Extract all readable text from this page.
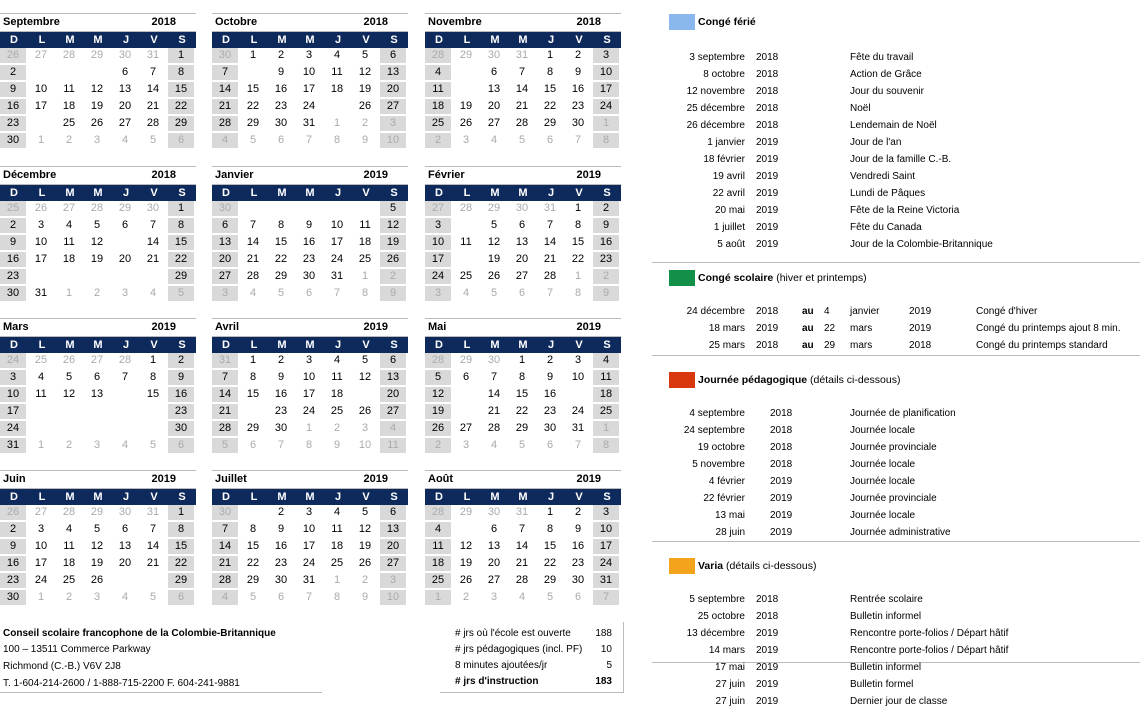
Septembre	2018
D	L	M	M	J	V	S
26	27	28	29	30	31	1
2	3	4	5	6	7	8
9	10	11	12	13	14	15
16	17	18	19	20	21	22
23	24	25	26	27	28	29
30	1	2	3	4	5	6
Octobre	2018
D	L	M	M	J	V	S
30	1	2	3	4	5	6
7	8	9	10	11	12	13
14	15	16	17	18	19	20
21	22	23	24	25	26	27
28	29	30	31	1	2	3
4	5	6	7	8	9	10
Novembre	2018
D	L	M	M	J	V	S
28	29	30	31	1	2	3
4	5	6	7	8	9	10
11	12	13	14	15	16	17
18	19	20	21	22	23	24
25	26	27	28	29	30	1
2	3	4	5	6	7	8
Décembre	2018
D	L	M	M	J	V	S
25	26	27	28	29	30	1
2	3	4	5	6	7	8
9	10	11	12	13	14	15
16	17	18	19	20	21	22
23	24	25	26	27	28	29
30	31	1	2	3	4	5
Janvier	2019
D	L	M	M	J	V	S
30	31	1	2	3	4	5
6	7	8	9	10	11	12
13	14	15	16	17	18	19
20	21	22	23	24	25	26
27	28	29	30	31	1	2
3	4	5	6	7	8	9
Février	2019
D	L	M	M	J	V	S
27	28	29	30	31	1	2
3	4	5	6	7	8	9
10	11	12	13	14	15	16
17	18	19	20	21	22	23
24	25	26	27	28	1	2
3	4	5	6	7	8	9
Mars	2019
D	L	M	M	J	V	S
24	25	26	27	28	1	2
3	4	5	6	7	8	9
10	11	12	13	14	15	16
17	18	19	20	21	22	23
24	25	26	27	28	29	30
31	1	2	3	4	5	6
Avril	2019
D	L	M	M	J	V	S
31	1	2	3	4	5	6
7	8	9	10	11	12	13
14	15	16	17	18	19	20
21	22	23	24	25	26	27
28	29	30	1	2	3	4
5	6	7	8	9	10	11
Mai	2019
D	L	M	M	J	V	S
28	29	30	1	2	3	4
5	6	7	8	9	10	11
12	13	14	15	16	17	18
19	20	21	22	23	24	25
26	27	28	29	30	31	1
2	3	4	5	6	7	8
Juin	2019
D	L	M	M	J	V	S
26	27	28	29	30	31	1
2	3	4	5	6	7	8
9	10	11	12	13	14	15
16	17	18	19	20	21	22
23	24	25	26	27	28	29
30	1	2	3	4	5	6
Juillet	2019
D	L	M	M	J	V	S
30	1	2	3	4	5	6
7	8	9	10	11	12	13
14	15	16	17	18	19	20
21	22	23	24	25	26	27
28	29	30	31	1	2	3
4	5	6	7	8	9	10
Août	2019
D	L	M	M	J	V	S
28	29	30	31	1	2	3
4	5	6	7	8	9	10
11	12	13	14	15	16	17
18	19	20	21	22	23	24
25	26	27	28	29	30	31
1	2	3	4	5	6	7
Conseil scolaire francophone de la Colombie-Britannique
100 – 13511 Commerce Parkway
Richmond (C.-B.) V6V 2J8
T. 1-604-214-2600 / 1-888-715-2200 F. 604-241-9881
# jrs où l'école est ouverte 188
# jrs pédagogiques (incl. PF) 10
8 minutes ajoutées/jr	5
# jrs d'instruction	183
Congé férié
3 septembre 2018	Fête du travail
8 octobre 2018	Action de Grâce
12 novembre 2018	Jour du souvenir
25 décembre 2018	Noël
26 décembre 2018	Lendemain de Noël
1 janvier 2019	Jour de l'an
18 février 2019	Jour de la famille C.-B.
19 avril 2019	Vendredi Saint
22 avril 2019	Lundi de Pâques
20 mai 2019	Fête de la Reine Victoria
1 juillet 2019	Fête du Canada
5 août 2019	Jour de la Colombie-Britannique
Congé scolaire (hiver et printemps)
24 décembre 2018 au 4 janvier	2019	Congé d'hiver
18 mars 2019 au 22 mars	2019	Congé du printemps ajout 8 min.
25 mars 2018 au 29 mars	2018	Congé du printemps standard
Journée pédagogique (détails ci-dessous)
4 septembre	2018	Journée de planification
24 septembre	2018	Journée locale
19 octobre	2018	Journée provinciale
5 novembre	2018	Journée locale
4 février	2019	Journée locale
22 février	2019	Journée provinciale
13 mai	2019	Journée locale
28 juin	2019	Journée administrative
Varia (détails ci-dessous)
5 septembre 2018	Rentrée scolaire
25 octobre 2018	Bulletin informel
13 décembre 2019	Rencontre porte-folios / Départ hâtif
14 mars 2019	Rencontre porte-folios / Départ hâtif
17 mai 2019	Bulletin informel
27 juin 2019	Bulletin formel
27 juin 2019	Dernier jour de classe
